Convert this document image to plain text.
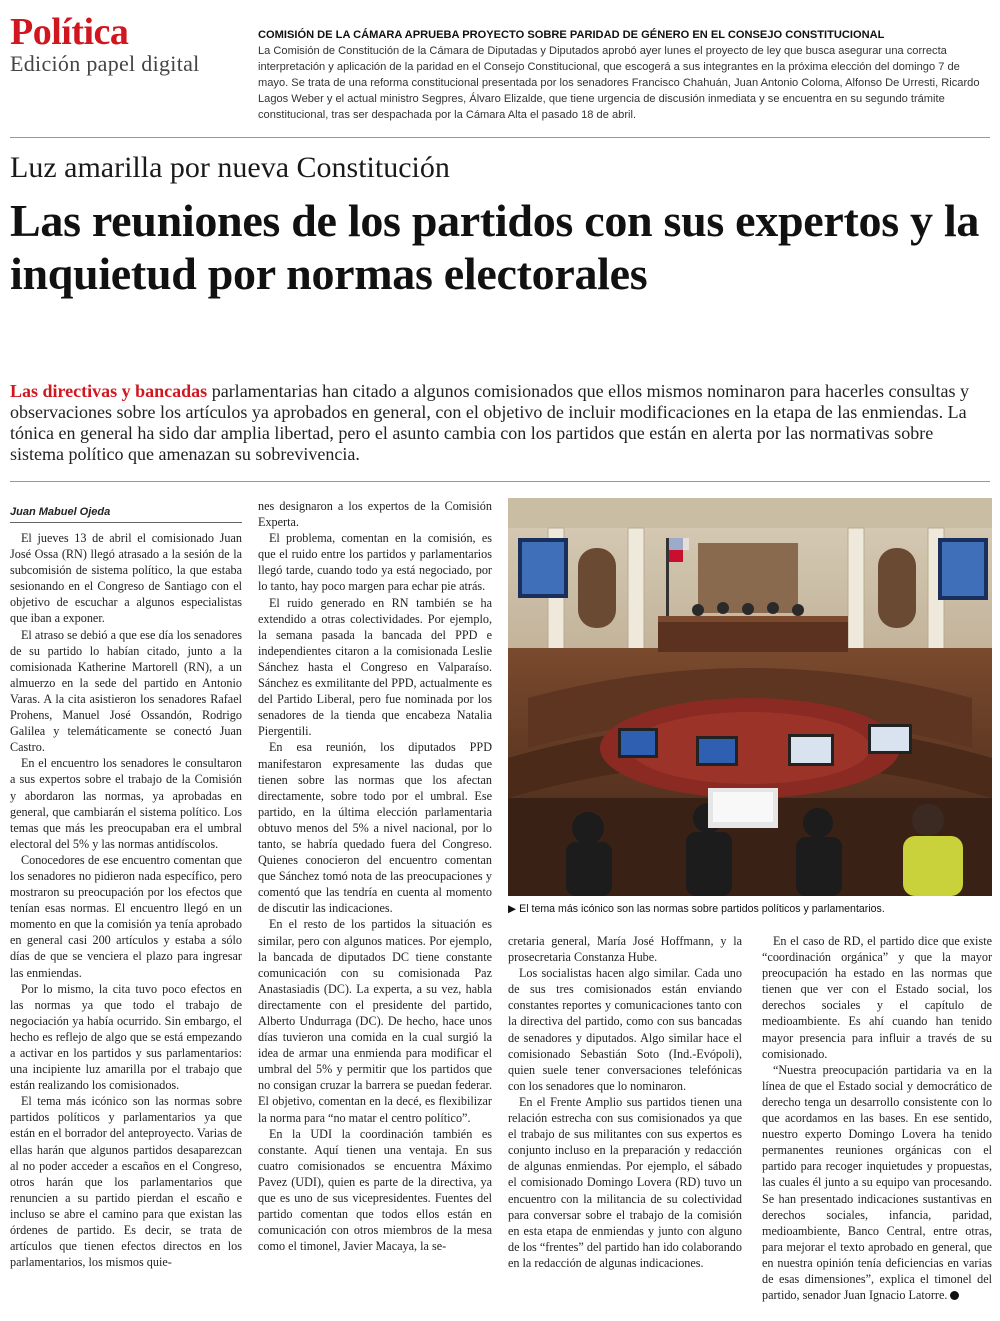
Política
Edición papel digital
COMISIÓN DE LA CÁMARA APRUEBA PROYECTO SOBRE PARIDAD DE GÉNERO EN EL CONSEJO CONSTITUCIONAL
La Comisión de Constitución de la Cámara de Diputadas y Diputados aprobó ayer lunes el proyecto de ley que busca asegurar una correcta interpretación y aplicación de la paridad en el Consejo Constitucional, que escogerá a sus integrantes en la próxima elección del domingo 7 de mayo. Se trata de una reforma constitucional presentada por los senadores Francisco Chahuán, Juan Antonio Coloma, Alfonso De Urresti, Ricardo Lagos Weber y el actual ministro Segpres, Álvaro Elizalde, que tiene urgencia de discusión inmediata y se encuentra en su segundo trámite constitucional, tras ser despachada por la Cámara Alta el pasado 18 de abril.
Luz amarilla por nueva Constitución
Las reuniones de los partidos con sus expertos y la inquietud por normas electorales
Las directivas y bancadas parlamentarias han citado a algunos comisionados que ellos mismos nominaron para hacerles consultas y observaciones sobre los artículos ya aprobados en general, con el objetivo de incluir modificaciones en la etapa de las enmiendas. La tónica en general ha sido dar amplia libertad, pero el asunto cambia con los partidos que están en alerta por las normativas sobre sistema político que amenazan su sobrevivencia.
Juan Mabuel Ojeda

El jueves 13 de abril el comisionado Juan José Ossa (RN) llegó atrasado a la sesión de la subcomisión de sistema político, la que estaba sesionando en el Congreso de Santiago con el objetivo de escuchar a algunos especialistas que iban a exponer.

El atraso se debió a que ese día los senadores de su partido lo habían citado, junto a la comisionada Katherine Martorell (RN), a un almuerzo en la sede del partido en Antonio Varas. A la cita asistieron los senadores Rafael Prohens, Manuel José Ossandón, Rodrigo Galilea y telemáticamente se conectó Juan Castro.

En el encuentro los senadores le consultaron a sus expertos sobre el trabajo de la Comisión y abordaron las normas, ya aprobadas en general, que cambiarán el sistema político. Los temas que más les preocupaban era el umbral electoral del 5% y las normas antidíscolos.

Conocedores de ese encuentro comentan que los senadores no pidieron nada específico, pero mostraron su preocupación por los efectos que tenían esas normas. El encuentro llegó en un momento en que la comisión ya tenía aprobado en general casi 200 artículos y estaba a sólo días de que se venciera el plazo para ingresar las enmiendas.

Por lo mismo, la cita tuvo poco efectos en las normas ya que todo el trabajo de negociación ya había ocurrido. Sin embargo, el hecho es reflejo de algo que se está empezando a activar en los partidos y sus parlamentarios: una incipiente luz amarilla por el trabajo que están realizando los comisionados.

El tema más icónico son las normas sobre partidos políticos y parlamentarios ya que están en el borrador del anteproyecto. Varias de ellas harán que algunos partidos desaparezcan al no poder acceder a escaños en el Congreso, otros harán que los parlamentarios que renuncien a su partido pierdan el escaño e incluso se abre el camino para que existan las órdenes de partido. Es decir, se trata de artículos que tienen efectos directos en los parlamentarios, los mismos quie-

nes designaron a los expertos de la Comisión Experta.

El problema, comentan en la comisión, es que el ruido entre los partidos y parlamentarios llegó tarde, cuando todo ya está negociado, por lo tanto, hay poco margen para echar pie atrás.

El ruido generado en RN también se ha extendido a otras colectividades. Por ejemplo, la semana pasada la bancada del PPD e independientes citaron a la comisionada Leslie Sánchez hasta el Congreso en Valparaíso. Sánchez es exmilitante del PPD, actualmente es del Partido Liberal, pero fue nominada por los senadores de la tienda que encabeza Natalia Piergentili.

En esa reunión, los diputados PPD manifestaron expresamente las dudas que tienen sobre las normas que los afectan directamente, sobre todo por el umbral. Ese partido, en la última elección parlamentaria obtuvo menos del 5% a nivel nacional, por lo tanto, se habría quedado fuera del Congreso. Quienes conocieron del encuentro comentan que Sánchez tomó nota de las preocupaciones y comentó que las tendría en cuenta al momento de discutir las indicaciones.

En el resto de los partidos la situación es similar, pero con algunos matices. Por ejemplo, la bancada de diputados DC tiene constante comunicación con su comisionada Paz Anastasiadis (DC). La experta, a su vez, habla directamente con el presidente del partido, Alberto Undurraga (DC). De hecho, hace unos días tuvieron una comida en la cual surgió la idea de armar una enmienda para modificar el umbral del 5% y permitir que los partidos que no consigan cruzar la barrera se puedan federar. El objetivo, comentan en la decé, es flexibilizar la norma para “no matar el centro político”.

En la UDI la coordinación también es constante. Aquí tienen una ventaja. En sus cuatro comisionados se encuentra Máximo Pavez (UDI), quien es parte de la directiva, ya que es uno de sus vicepresidentes. Fuentes del partido comentan que todos ellos están en comunicación con otros miembros de la mesa como el timonel, Javier Macaya, la se-

▶ El tema más icónico son las normas sobre partidos políticos y parlamentarios.

cretaria general, María José Hoffmann, y la prosecretaria Constanza Hube.

Los socialistas hacen algo similar. Cada uno de sus tres comisionados están enviando constantes reportes y comunicaciones tanto con la directiva del partido, como con sus bancadas de senadores y diputados. Algo similar hace el comisionado Sebastián Soto (Ind.-Evópoli), quien suele tener conversaciones telefónicas con los senadores que lo nominaron.

En el Frente Amplio sus partidos tienen una relación estrecha con sus comisionados ya que el trabajo de sus militantes con sus expertos es conjunto incluso en la preparación y redacción de algunas enmiendas. Por ejemplo, el sábado el comisionado Domingo Lovera (RD) tuvo un encuentro con la militancia de su colectividad para conversar sobre el trabajo de la comisión en esta etapa de enmiendas y junto con alguno de los “frentes” del partido han ido colaborando en la redacción de algunas indicaciones.

En el caso de RD, el partido dice que existe “coordinación orgánica” y que la mayor preocupación ha estado en las normas que tienen que ver con el Estado social, los derechos sociales y el capítulo de medioambiente. Es ahí cuando han tenido mayor presencia para influir a través de su comisionado.

“Nuestra preocupación partidaria va en la línea de que el Estado social y democrático de derecho tenga un desarrollo consistente con lo que acordamos en las bases. En ese sentido, nuestro experto Domingo Lovera ha tenido permanentes reuniones orgánicas con el partido para recoger inquietudes y propuestas, las cuales él junto a su equipo van procesando. Se han presentado indicaciones sustantivas en derechos sociales, infancia, paridad, medioambiente, Banco Central, entre otras, para mejorar el texto aprobado en general, que en nuestra opinión tenía deficiencias en varias de esas dimensiones”, explica el timonel del partido, senador Juan Ignacio Latorre.
